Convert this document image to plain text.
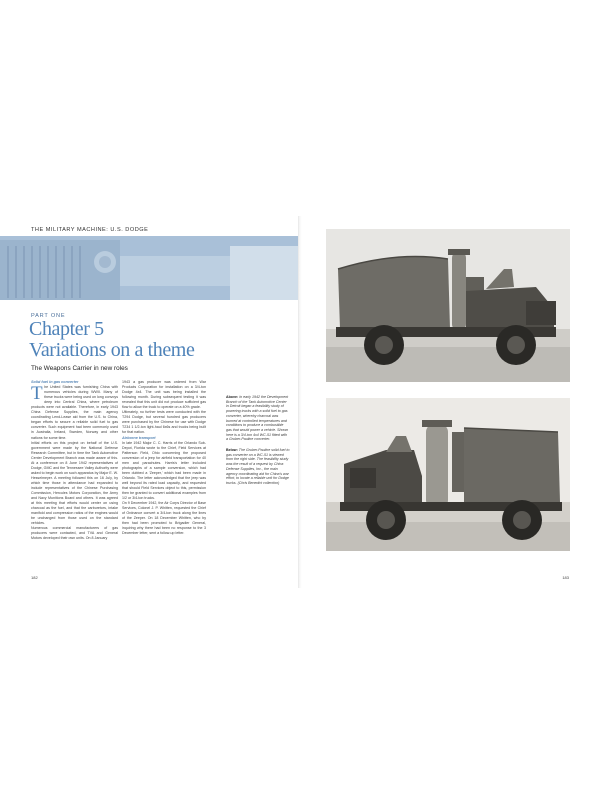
THE MILITARY MACHINE: U.S. DODGE
PART ONE
Chapter 5
Variations on a theme
The Weapons Carrier in new roles
Solid fuel in gas converter

The United States was furnishing China with numerous vehicles during WWII. Many of these trucks were being used on long convoys deep into Central China, where petroleum products were not available. Therefore, in early 1943 China Defense Supplies, the main agency coordinating Lend-Lease aid from the U.S. to China, began efforts to secure a reliable solid fuel to gas converter. Such equipment had been commonly used in Australia, Ireland, Sweden, Norway and other nations for some time.

Initial efforts on this project on behalf of the U.S. government were made by the National Defense Research Committee, but in time the Tank Automotive Center Development Branch was made aware of this. At a conference on 8 June 1942 representatives of Dodge, GMC and the Tennessee Valley Authority were asked to begin work on such apparatus by Major E. W. Hesselmeyer. A meeting followed this on 16 July, by which time those in attendance had expanded to include representatives of the Chinese Purchasing Commission, Hercules Motors Corporation, the Army and Navy Munitions Board and others. It was agreed at this meeting that efforts would center on using charcoal as the fuel, and that the carburetors, intake manifold and compression ratios of the engines would be unchanged from those used on the standard vehicles.

Numerous commercial manufacturers of gas producers were contacted, and TVA and General Motors developed their own units. On 8 January

1943 a gas producer was ordered from War Products Corporation for installation on a 3/4-ton Dodge 4x4. The unit was being installed the following month. During subsequent testing it was revealed that this unit did not produce sufficient gas flow to allow the truck to operate on a 40% grade.

Ultimately, no further tests were conducted with the T294 Dodge, but several hundred gas producers were purchased by the Chinese for use with Dodge T234 1 1/2-ton light-haul 6x6s and trucks being built for that nation.

Airborne transport

In late 1942 Major C. C. Harris of the Orlando Sub-Depot, Florida wrote to the Chief, Field Services at Patterson Field, Ohio concerning the proposed conversion of a jeep for airfield transportation for 40 men and parachutes. Harris's letter included photographs of a sample conversion, which had been dubbed a 'Zeeper,' which had been made in Orlando. The letter acknowledged that the jeep was well beyond its rated load capacity, and requested that should Field Services object to this, permission then be granted to convert additional examples from 1/2 or 3/4-ton trucks.

On 9 December 1942, the Air Corps Director of Base Services, Colonel J. P. Whitten, requested the Chief of Ordnance convert a 3/4-ton truck along the lines of the Zeeper. On 18 December Whitten, who by then had been promoted to Brigadier General, inquiring why there had been no response to the 3 December letter, sent a follow-up letter.

Above: In early 1942 the Development Branch of the Tank Automotive Center in Detroit began a feasibility study of powering trucks with a solid fuel to gas converter, whereby charcoal was burned at controlled temperatures and conditions to produce a combustible gas that would power a vehicle. Shown here is a 3/4-ton 4x4 WC-51 fitted with a Gruber-Pauline converter.
Below: The Gruber-Pauline solid fuel to gas converter on a WC-51 is viewed from the right side. The feasibility study was the result of a request by China Defense Supplies, Inc., the main agency coordinating aid for China's war effort, to locate a reliable unit for Dodge trucks. (Chris Benedict collection)
182	183
